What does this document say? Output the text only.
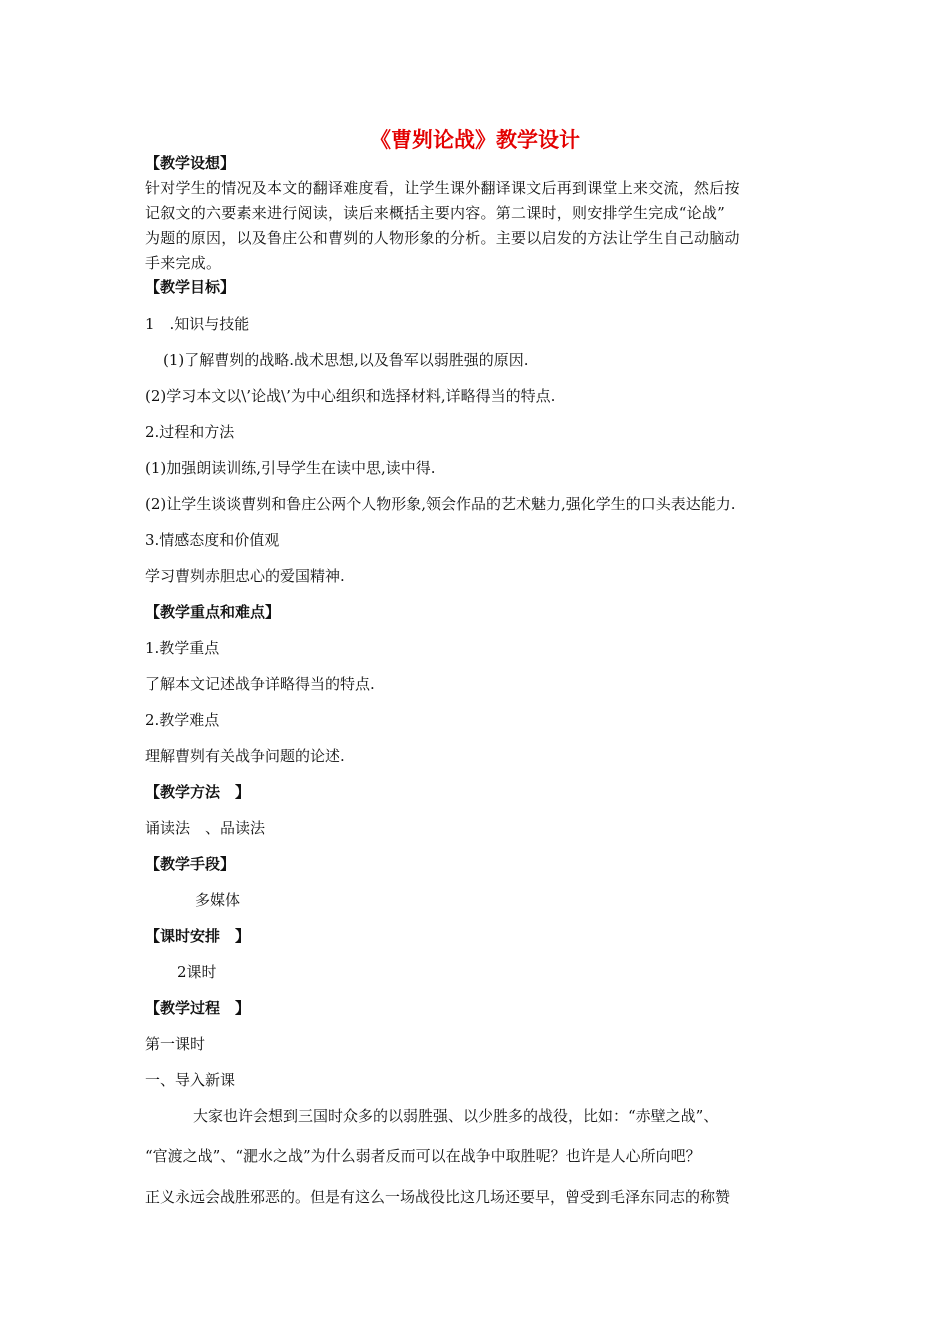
《曹刿论战》教学设计
【教学设想】
针对学生的情况及本文的翻译难度看，让学生课外翻译课文后再到课堂上来交流，然后按
记叙文的六要素来进行阅读，读后来概括主要内容。第二课时，则安排学生完成“论战”
为题的原因，以及鲁庄公和曹刿的人物形象的分析。主要以启发的方法让学生自己动脑动
手来完成。
【教学目标】
1　.知识与技能
(1)了解曹刿的战略.战术思想,以及鲁军以弱胜强的原因.
(2)学习本文以\’论战\’为中心组织和选择材料,详略得当的特点.
2.过程和方法
(1)加强朗读训练,引导学生在读中思,读中得.
(2)让学生谈谈曹刿和鲁庄公两个人物形象,领会作品的艺术魅力,强化学生的口头表达能力.
3.情感态度和价值观
学习曹刿赤胆忠心的爱国精神.
【教学重点和难点】
1.教学重点
了解本文记述战争详略得当的特点.
2.教学难点
理解曹刿有关战争问题的论述.
【教学方法　】
诵读法　、品读法
【教学手段】
多媒体
【课时安排　】
2课时
【教学过程　】
第一课时
一、导入新课
大家也许会想到三国时众多的以弱胜强、以少胜多的战役，比如：“赤壁之战”、
“官渡之战”、“淝水之战”为什么弱者反而可以在战争中取胜呢？也许是人心所向吧？
正义永远会战胜邪恶的。但是有这么一场战役比这几场还要早，曾受到毛泽东同志的称赞
